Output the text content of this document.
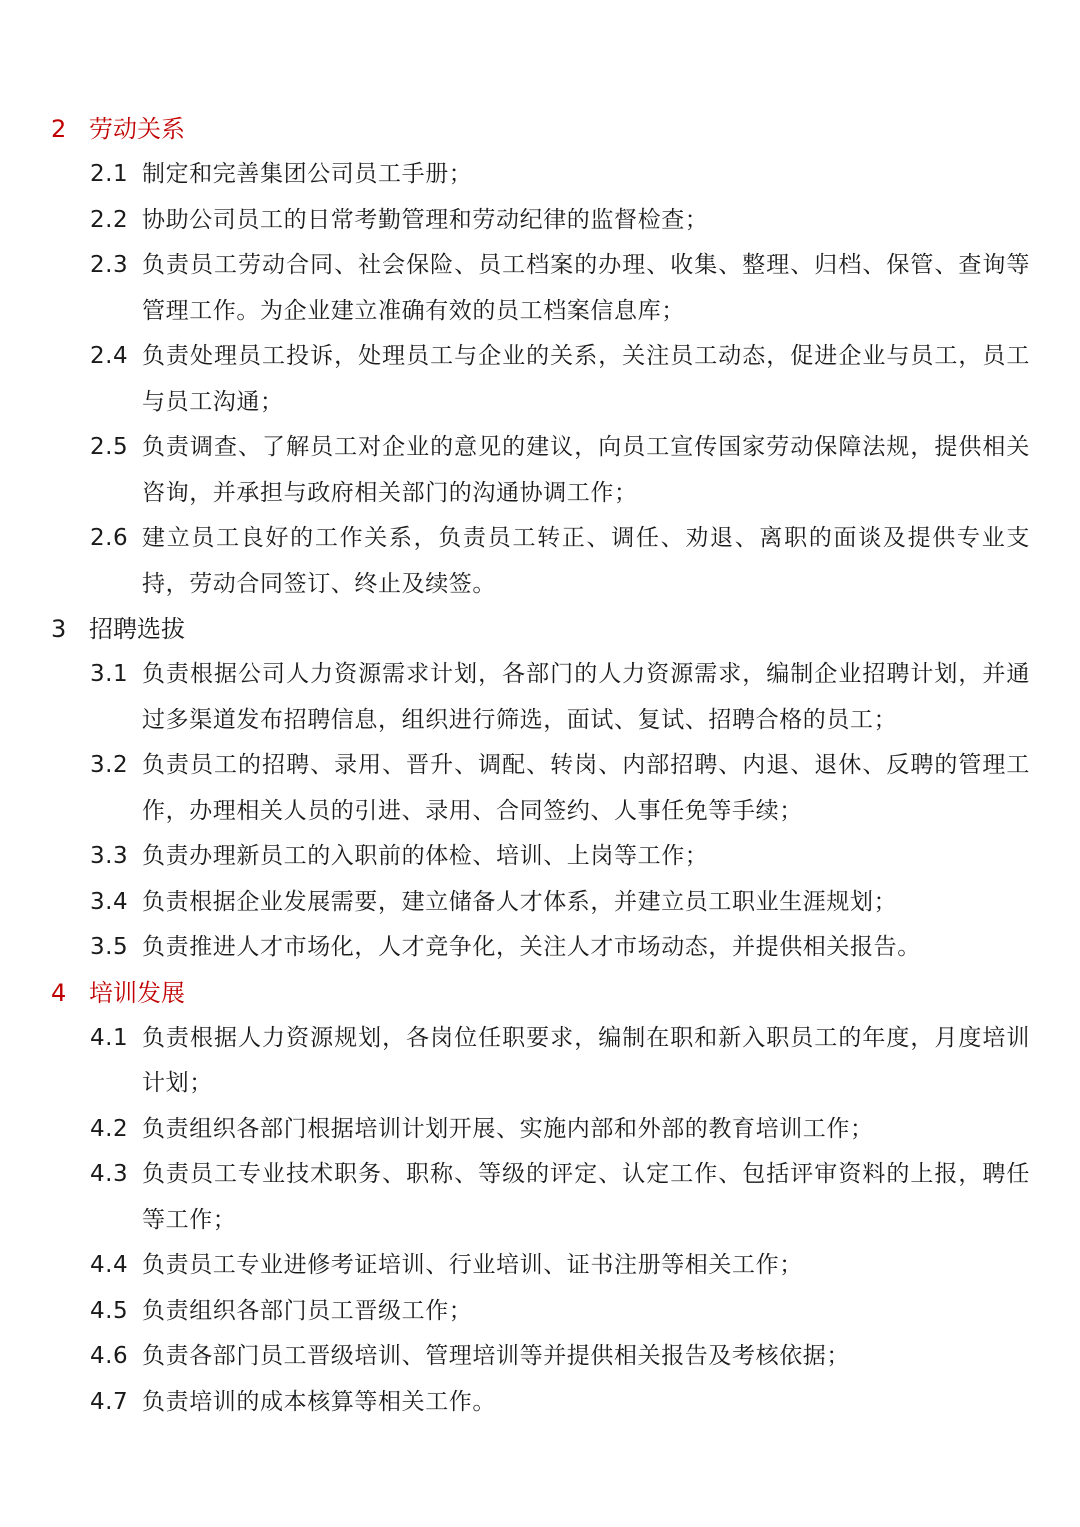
2 劳动关系
2.1 制定和完善集团公司员工手册；
2.2 协助公司员工的日常考勤管理和劳动纪律的监督检查；
2.3 负责员工劳动合同、社会保险、员工档案的办理、收集、整理、归档、保管、查询等管理工作。为企业建立准确有效的员工档案信息库；
2.4 负责处理员工投诉，处理员工与企业的关系，关注员工动态，促进企业与员工，员工与员工沟通；
2.5 负责调查、了解员工对企业的意见的建议，向员工宣传国家劳动保障法规，提供相关咨询，并承担与政府相关部门的沟通协调工作；
2.6 建立员工良好的工作关系，负责员工转正、调任、劝退、离职的面谈及提供专业支持，劳动合同签订、终止及续签。
3 招聘选拔
3.1 负责根据公司人力资源需求计划，各部门的人力资源需求，编制企业招聘计划，并通过多渠道发布招聘信息，组织进行筛选，面试、复试、招聘合格的员工；
3.2 负责员工的招聘、录用、晋升、调配、转岗、内部招聘、内退、退休、反聘的管理工作，办理相关人员的引进、录用、合同签约、人事任免等手续；
3.3 负责办理新员工的入职前的体检、培训、上岗等工作；
3.4 负责根据企业发展需要，建立储备人才体系，并建立员工职业生涯规划；
3.5 负责推进人才市场化，人才竞争化，关注人才市场动态，并提供相关报告。
4 培训发展
4.1 负责根据人力资源规划，各岗位任职要求，编制在职和新入职员工的年度，月度培训计划；
4.2 负责组织各部门根据培训计划开展、实施内部和外部的教育培训工作；
4.3 负责员工专业技术职务、职称、等级的评定、认定工作、包括评审资料的上报，聘任等工作；
4.4 负责员工专业进修考证培训、行业培训、证书注册等相关工作；
4.5 负责组织各部门员工晋级工作；
4.6 负责各部门员工晋级培训、管理培训等并提供相关报告及考核依据；
4.7 负责培训的成本核算等相关工作。
